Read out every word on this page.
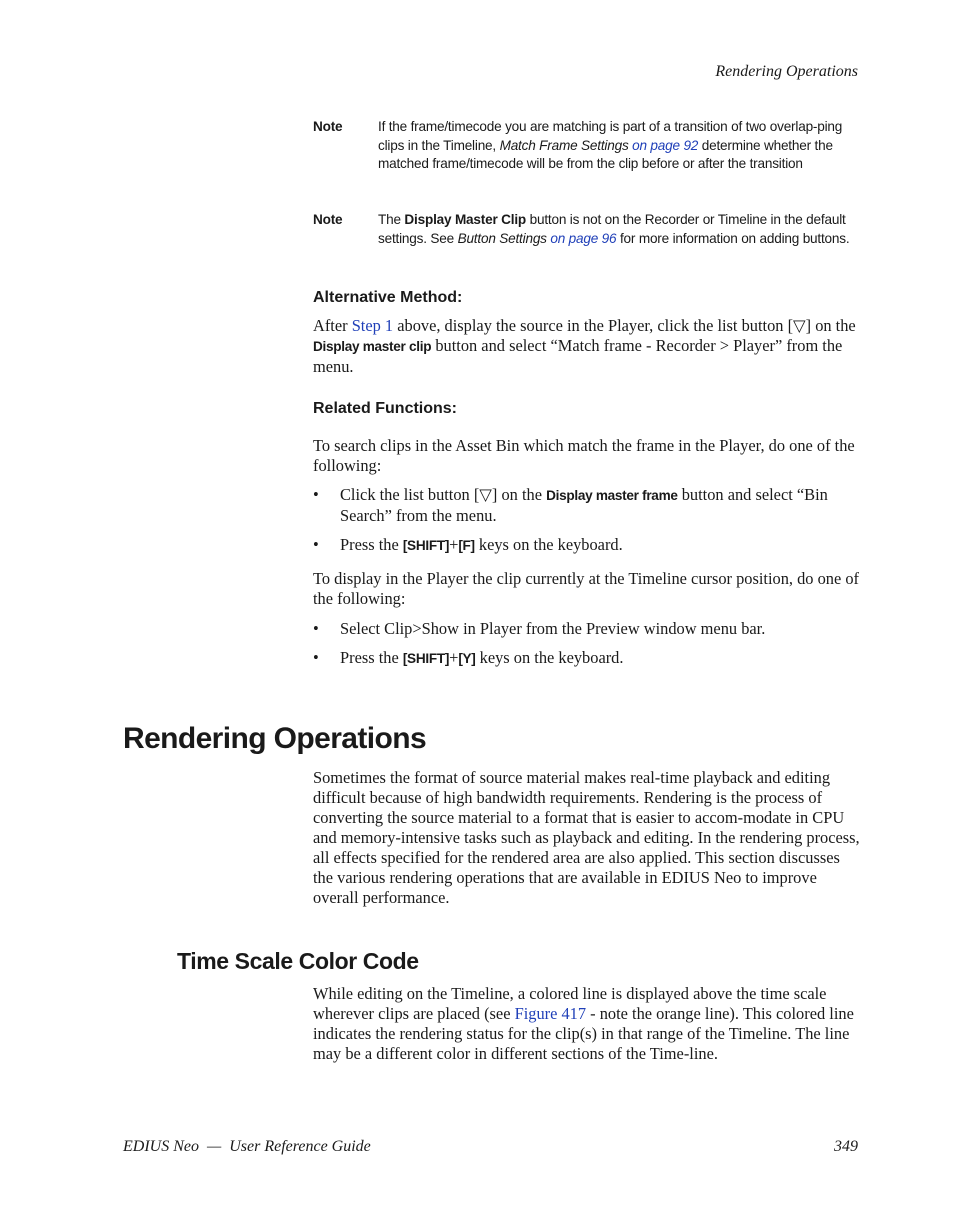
Rendering Operations
Note	If the frame/timecode you are matching is part of a transition of two overlap-ping clips in the Timeline, Match Frame Settings on page 92 determine whether the matched frame/timecode will be from the clip before or after the transition
Note	The Display Master Clip button is not on the Recorder or Timeline in the default settings. See Button Settings on page 96 for more information on adding buttons.
Alternative Method:
After Step 1 above, display the source in the Player, click the list button [▽] on the Display master clip button and select “Match frame - Recorder > Player” from the menu.
Related Functions:
To search clips in the Asset Bin which match the frame in the Player, do one of the following:
• Click the list button [▽] on the Display master frame button and select “Bin Search” from the menu.
• Press the [SHIFT]+[F] keys on the keyboard.
To display in the Player the clip currently at the Timeline cursor position, do one of the following:
• Select Clip>Show in Player from the Preview window menu bar.
• Press the [SHIFT]+[Y] keys on the keyboard.
Rendering Operations
Sometimes the format of source material makes real-time playback and editing difficult because of high bandwidth requirements. Rendering is the process of converting the source material to a format that is easier to accom-modate in CPU and memory-intensive tasks such as playback and editing. In the rendering process, all effects specified for the rendered area are also applied. This section discusses the various rendering operations that are available in EDIUS Neo to improve overall performance.
Time Scale Color Code
While editing on the Timeline, a colored line is displayed above the time scale wherever clips are placed (see Figure 417 - note the orange line). This colored line indicates the rendering status for the clip(s) in that range of the Timeline. The line may be a different color in different sections of the Time-line.
EDIUS Neo  —  User Reference Guide	349
